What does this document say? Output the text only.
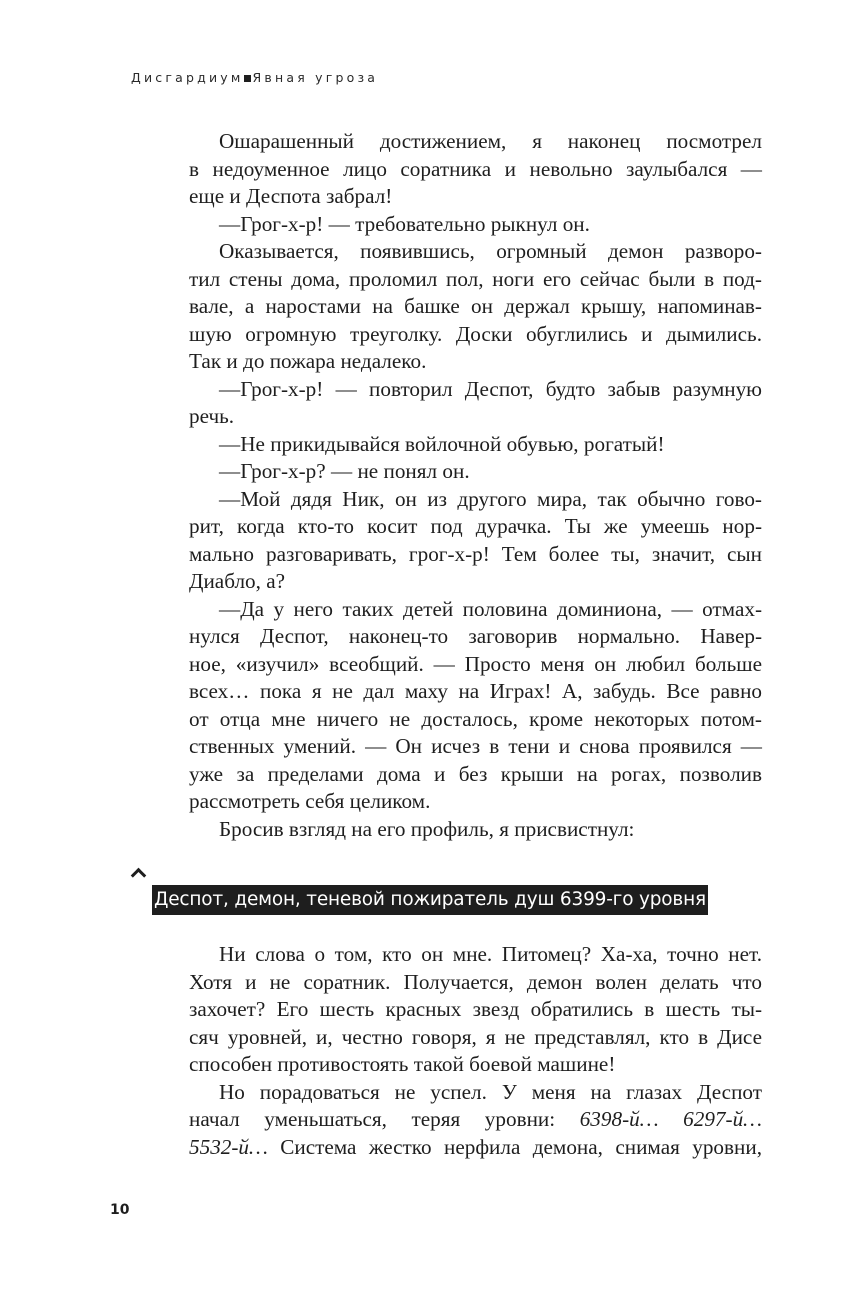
Дисгардиум Явная угроза
Ошарашенный достижением, я наконец посмотрел
в недоуменное лицо соратника и невольно заулыбался —
еще и Деспота забрал!
—Грог-х-р! — требовательно рыкнул он.
Оказывается, появившись, огромный демон разворо-
тил стены дома, проломил пол, ноги его сейчас были в под-
вале, а наростами на башке он держал крышу, напоминав-
шую огромную треуголку. Доски обуглились и дымились.
Так и до пожара недалеко.
—Грог-х-р! — повторил Деспот, будто забыв разумную
речь.
—Не прикидывайся войлочной обувью, рогатый!
—Грог-х-р? — не понял он.
—Мой дядя Ник, он из другого мира, так обычно гово-
рит, когда кто-то косит под дурачка. Ты же умеешь нор-
мально разговаривать, грог-х-р! Тем более ты, значит, сын
Диабло, а?
—Да у него таких детей половина доминиона, — отмах-
нулся Деспот, наконец-то заговорив нормально. Навер-
ное, «изучил» всеобщий. — Просто меня он любил больше
всех… пока я не дал маху на Играх! А, забудь. Все равно
от отца мне ничего не досталось, кроме некоторых потом-
ственных умений. — Он исчез в тени и снова проявился —
уже за пределами дома и без крыши на рогах, позволив
рассмотреть себя целиком.
Бросив взгляд на его профиль, я присвистнул:
Деспот, демон, теневой пожиратель душ 6399-го уровня
Ни слова о том, кто он мне. Питомец? Ха-ха, точно нет.
Хотя и не соратник. Получается, демон волен делать что
захочет? Его шесть красных звезд обратились в шесть ты-
сяч уровней, и, честно говоря, я не представлял, кто в Дисе
способен противостоять такой боевой машине!
Но порадоваться не успел. У меня на глазах Деспот
начал уменьшаться, теряя уровни: 6398-й… 6297-й…
5532-й… Система жестко нерфила демона, снимая уровни,
10
